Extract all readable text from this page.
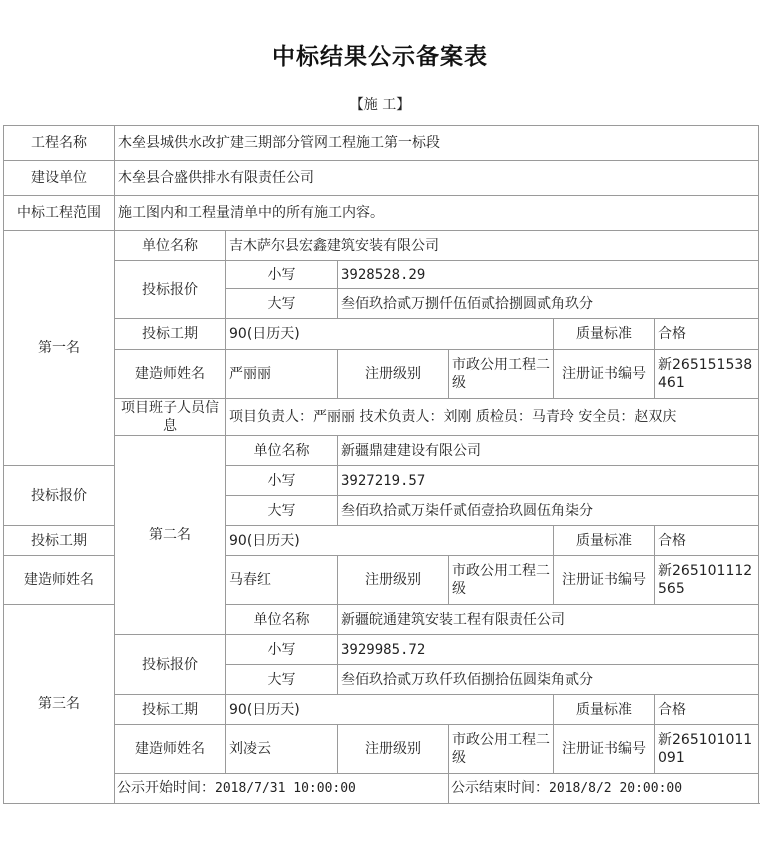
中标结果公示备案表
【施 工】
工程名称	木垒县城供水改扩建三期部分管网工程施工第一标段					
建设单位	木垒县合盛供排水有限责任公司					
中标工程范围	施工图内和工程量清单中的所有施工内容。					
第一名	单位名称	吉木萨尔县宏鑫建筑安装有限公司				
	投标报价	小写	3928528.29			
		大写	叁佰玖拾贰万捌仟伍佰贰拾捌圆贰角玖分			
	投标工期	90(日历天)			质量标准	合格
	建造师姓名	严丽丽	注册级别	市政公用工程二级	注册证书编号	新265151538461
	项目班子人员信息	项目负责人：严丽丽 技术负责人：刘刚 质检员：马青玲 安全员：赵双庆				
	第二名	单位名称	新疆鼎建建设有限公司			
投标报价		小写	3927219.57			
		大写	叁佰玖拾贰万柒仟贰佰壹拾玖圆伍角柒分			
投标工期		90(日历天)			质量标准	合格
建造师姓名		马春红	注册级别	市政公用工程二级	注册证书编号	新265101112565
第三名		单位名称	新疆皖通建筑安装工程有限责任公司			
	投标报价	小写	3929985.72			
		大写	叁佰玖拾贰万玖仟玖佰捌拾伍圆柒角贰分			
	投标工期	90(日历天)			质量标准	合格
	建造师姓名	刘凌云	注册级别	市政公用工程二级	注册证书编号	新265101011091
	公示开始时间：2018/7/31 10:00:00			公示结束时间：2018/8/2 20:00:00		
